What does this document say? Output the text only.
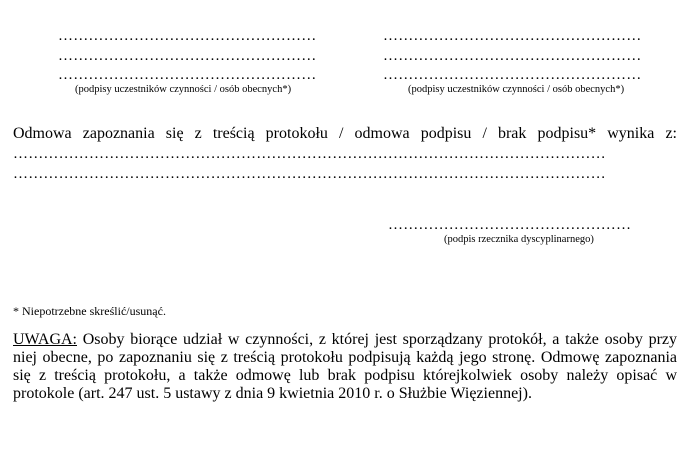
……………………………………………
……………………………………………
……………………………………………
(podpisy uczestników czynności / osób obecnych*)
……………………………………………
……………………………………………
……………………………………………
(podpisy uczestników czynności / osób obecnych*)
Odmowa zapoznania się z treścią protokołu / odmowa podpisu / brak podpisu* wynika z:
………………………………………………………………………………………………………
………………………………………………………………………………………………………
…………………………………………
(podpis rzecznika dyscyplinarnego)
* Niepotrzebne skreślić/usunąć.
UWAGA: Osoby biorące udział w czynności, z której jest sporządzany protokół, a także osoby przy niej obecne, po zapoznaniu się z treścią protokołu podpisują każdą jego stronę. Odmowę zapoznania się z treścią protokołu, a także odmowę lub brak podpisu którejkolwiek osoby należy opisać w protokole (art. 247 ust. 5 ustawy z dnia 9 kwietnia 2010 r. o Służbie Więziennej).
